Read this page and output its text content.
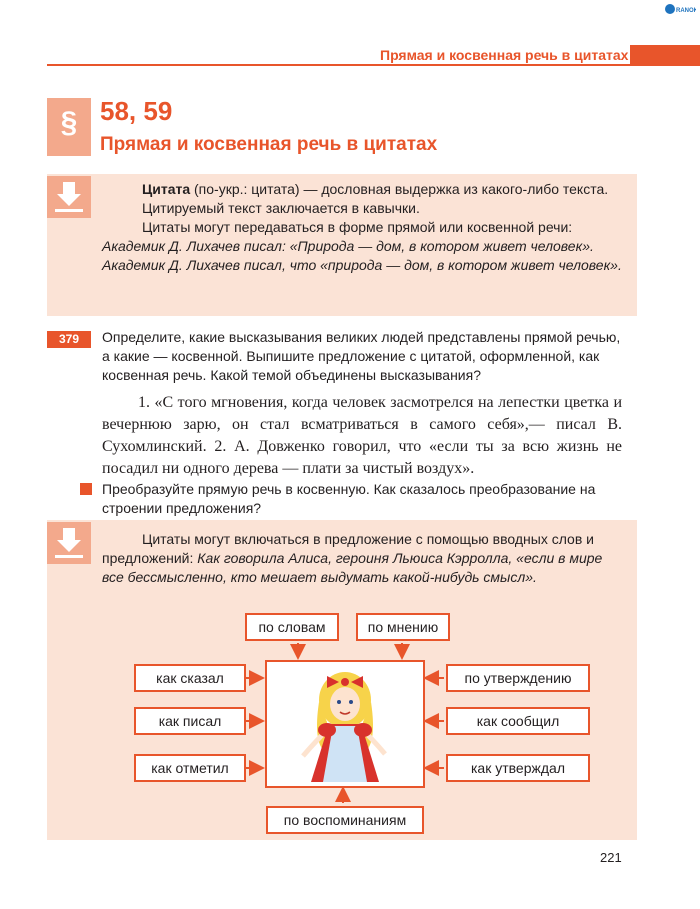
RANOK
Прямая и косвенная речь в цитатах
§ 58, 59
Прямая и косвенная речь в цитатах
Цитата (по-укр.: цитата) — дословная выдержка из какого-либо текста.
Цитируемый текст заключается в кавычки.
Цитаты могут передаваться в форме прямой или косвенной речи:
Академик Д. Лихачев писал: «Природа — дом, в котором живет человек». Академик Д. Лихачев писал, что «природа — дом, в котором живет человек».
379	Определите, какие высказывания великих людей представлены прямой речью, а какие — косвенной. Выпишите предложение с цитатой, оформленной, как косвенная речь. Какой темой объединены высказывания?

1. «С того мгновения, когда человек засмотрелся на лепестки цветка и вечернюю зарю, он стал всматриваться в самого себя»,— писал В. Сухомлинский. 2. А. Довженко говорил, что «если ты за всю жизнь не посадил ни одного дерева — плати за чистый воздух».

Преобразуйте прямую речь в косвенную. Как сказалось преобразование на строении предложения?
Цитаты могут включаться в предложение с помощью вводных слов и предложений: Как говорила Алиса, героиня Льюиса Кэрролла, «если в мире все бессмысленно, кто мешает выдумать какой-нибудь смысл».
по словам	по мнению
как сказал
как писал
как отметил
по утверждению
как сообщил
как утверждал
по воспоминаниям
221
